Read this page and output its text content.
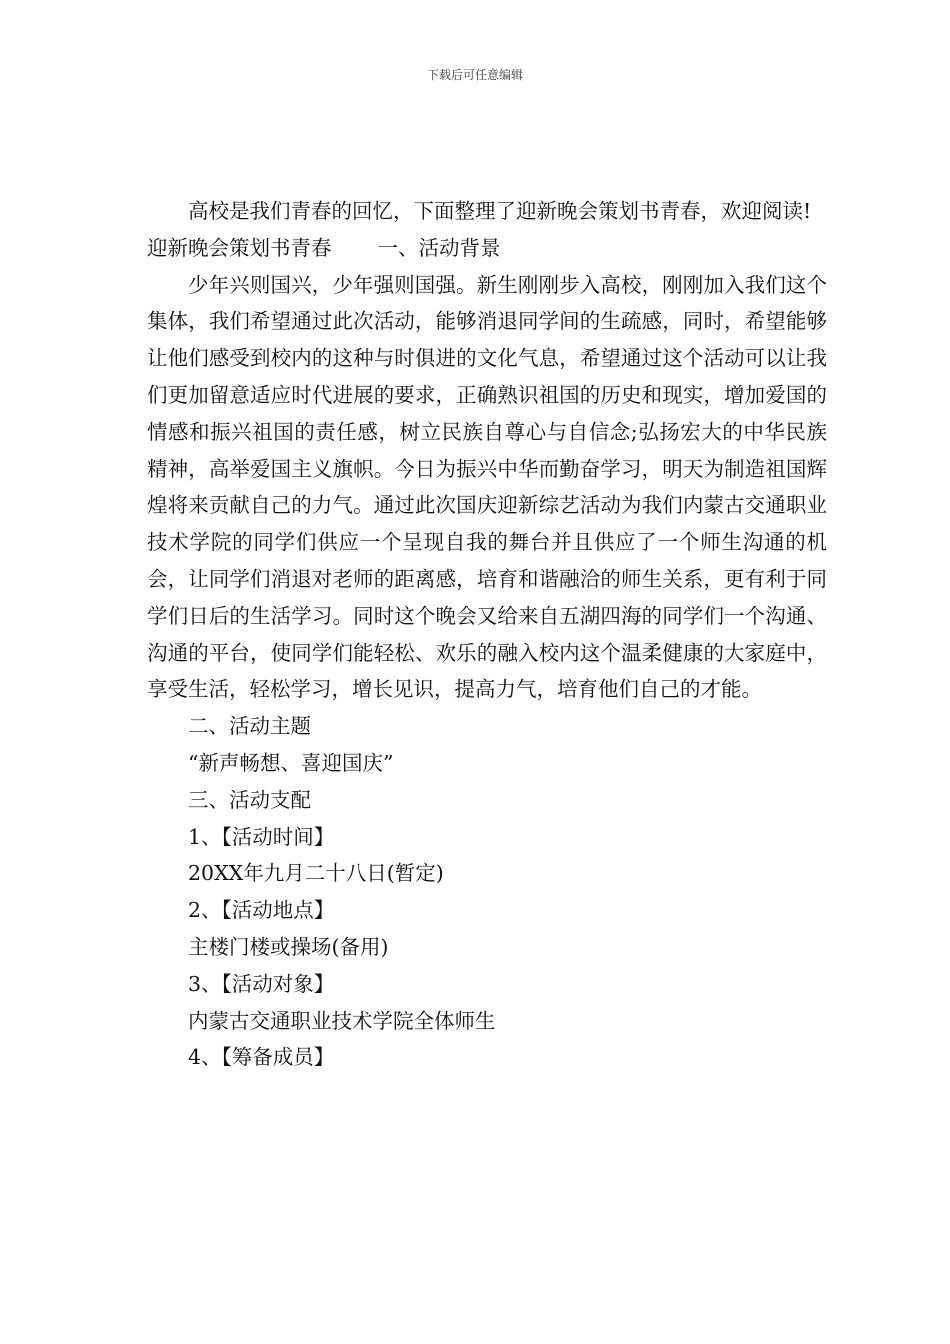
下载后可任意编辑

高校是我们青春的回忆，下面整理了迎新晚会策划书青春，欢迎阅读!

迎新晚会策划书青春 一、活动背景

少年兴则国兴，少年强则国强。新生刚刚步入高校，刚刚加入我们这个集体，我们希望通过此次活动，能够消退同学间的生疏感，同时，希望能够让他们感受到校内的这种与时俱进的文化气息，希望通过这个活动可以让我们更加留意适应时代进展的要求，正确熟识祖国的历史和现实，增加爱国的情感和振兴祖国的责任感，树立民族自尊心与自信念;弘扬宏大的中华民族精神，高举爱国主义旗帜。今日为振兴中华而勤奋学习，明天为制造祖国辉煌将来贡献自己的力气。通过此次国庆迎新综艺活动为我们内蒙古交通职业技术学院的同学们供应一个呈现自我的舞台并且供应了一个师生沟通的机会，让同学们消退对老师的距离感，培育和谐融洽的师生关系，更有利于同学们日后的生活学习。同时这个晚会又给来自五湖四海的同学们一个沟通、沟通的平台，使同学们能轻松、欢乐的融入校内这个温柔健康的大家庭中，享受生活，轻松学习，增长见识，提高力气，培育他们自己的才能。

二、活动主题

“新声畅想、喜迎国庆”

三、活动支配

1、【活动时间】

20XX年九月二十八日(暂定)

2、【活动地点】

主楼门楼或操场(备用)

3、【活动对象】

内蒙古交通职业技术学院全体师生

4、【筹备成员】
